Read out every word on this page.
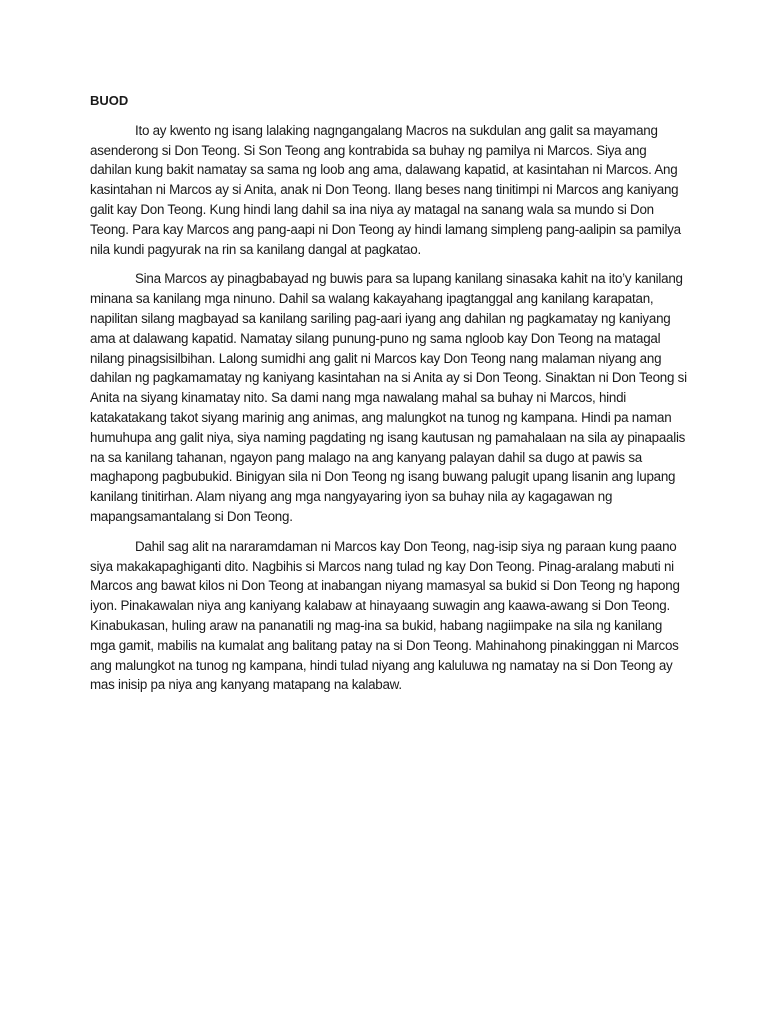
BUOD

Ito ay kwento ng isang lalaking nagngangalang Macros na sukdulan ang galit sa mayamang asenderong si Don Teong. Si Son Teong ang kontrabida sa buhay ng pamilya ni Marcos. Siya ang dahilan kung bakit namatay sa sama ng loob ang ama, dalawang kapatid, at kasintahan ni Marcos. Ang kasintahan ni Marcos ay si Anita, anak ni Don Teong. Ilang beses nang tinitimpi ni Marcos ang kaniyang galit kay Don Teong. Kung hindi lang dahil sa ina niya ay matagal na sanang wala sa mundo si Don Teong. Para kay Marcos ang pang-aapi ni Don Teong ay hindi lamang simpleng pang-aalipin sa pamilya nila kundi pagyurak na rin sa kanilang dangal at pagkatao.

Sina Marcos ay pinagbabayad ng buwis para sa lupang kanilang sinasaka kahit na ito’y kanilang minana sa kanilang mga ninuno. Dahil sa walang kakayahang ipagtanggal ang kanilang karapatan, napilitan silang magbayad sa kanilang sariling pag-aari iyang ang dahilan ng pagkamatay ng kaniyang ama at dalawang kapatid. Namatay silang punung-puno ng sama ngloob kay Don Teong na matagal nilang pinagsisilbihan. Lalong sumidhi ang galit ni Marcos kay Don Teong nang malaman niyang ang dahilan ng pagkamamatay ng kaniyang kasintahan na si Anita ay si Don Teong. Sinaktan ni Don Teong si Anita na siyang kinamatay nito. Sa dami nang mga nawalang mahal sa buhay ni Marcos, hindi katakatakang takot siyang marinig ang animas, ang malungkot na tunog ng kampana. Hindi pa naman humuhupa ang galit niya, siya naming pagdating ng isang kautusan ng pamahalaan na sila ay pinapaalis na sa kanilang tahanan, ngayon pang malago na ang kanyang palayan dahil sa dugo at pawis sa maghapong pagbubukid. Binigyan sila ni Don Teong ng isang buwang palugit upang lisanin ang lupang kanilang tinitirhan. Alam niyang ang mga nangyayaring iyon sa buhay nila ay kagagawan ng mapangsamantalang si Don Teong.

Dahil sag alit na nararamdaman ni Marcos kay Don Teong, nag-isip siya ng paraan kung paano siya makakapaghiganti dito. Nagbihis si Marcos nang tulad ng kay Don Teong. Pinag-aralang mabuti ni Marcos ang bawat kilos ni Don Teong at inabangan niyang mamasyal sa bukid si Don Teong ng hapong iyon. Pinakawalan niya ang kaniyang kalabaw at hinayaang suwagin ang kaawa-awang si Don Teong. Kinabukasan, huling araw na pananatili ng mag-ina sa bukid, habang nagiimpake na sila ng kanilang mga gamit, mabilis na kumalat ang balitang patay na si Don Teong. Mahinahong pinakinggan ni Marcos ang malungkot na tunog ng kampana, hindi tulad niyang ang kaluluwa ng namatay na si Don Teong ay mas inisip pa niya ang kanyang matapang na kalabaw.
